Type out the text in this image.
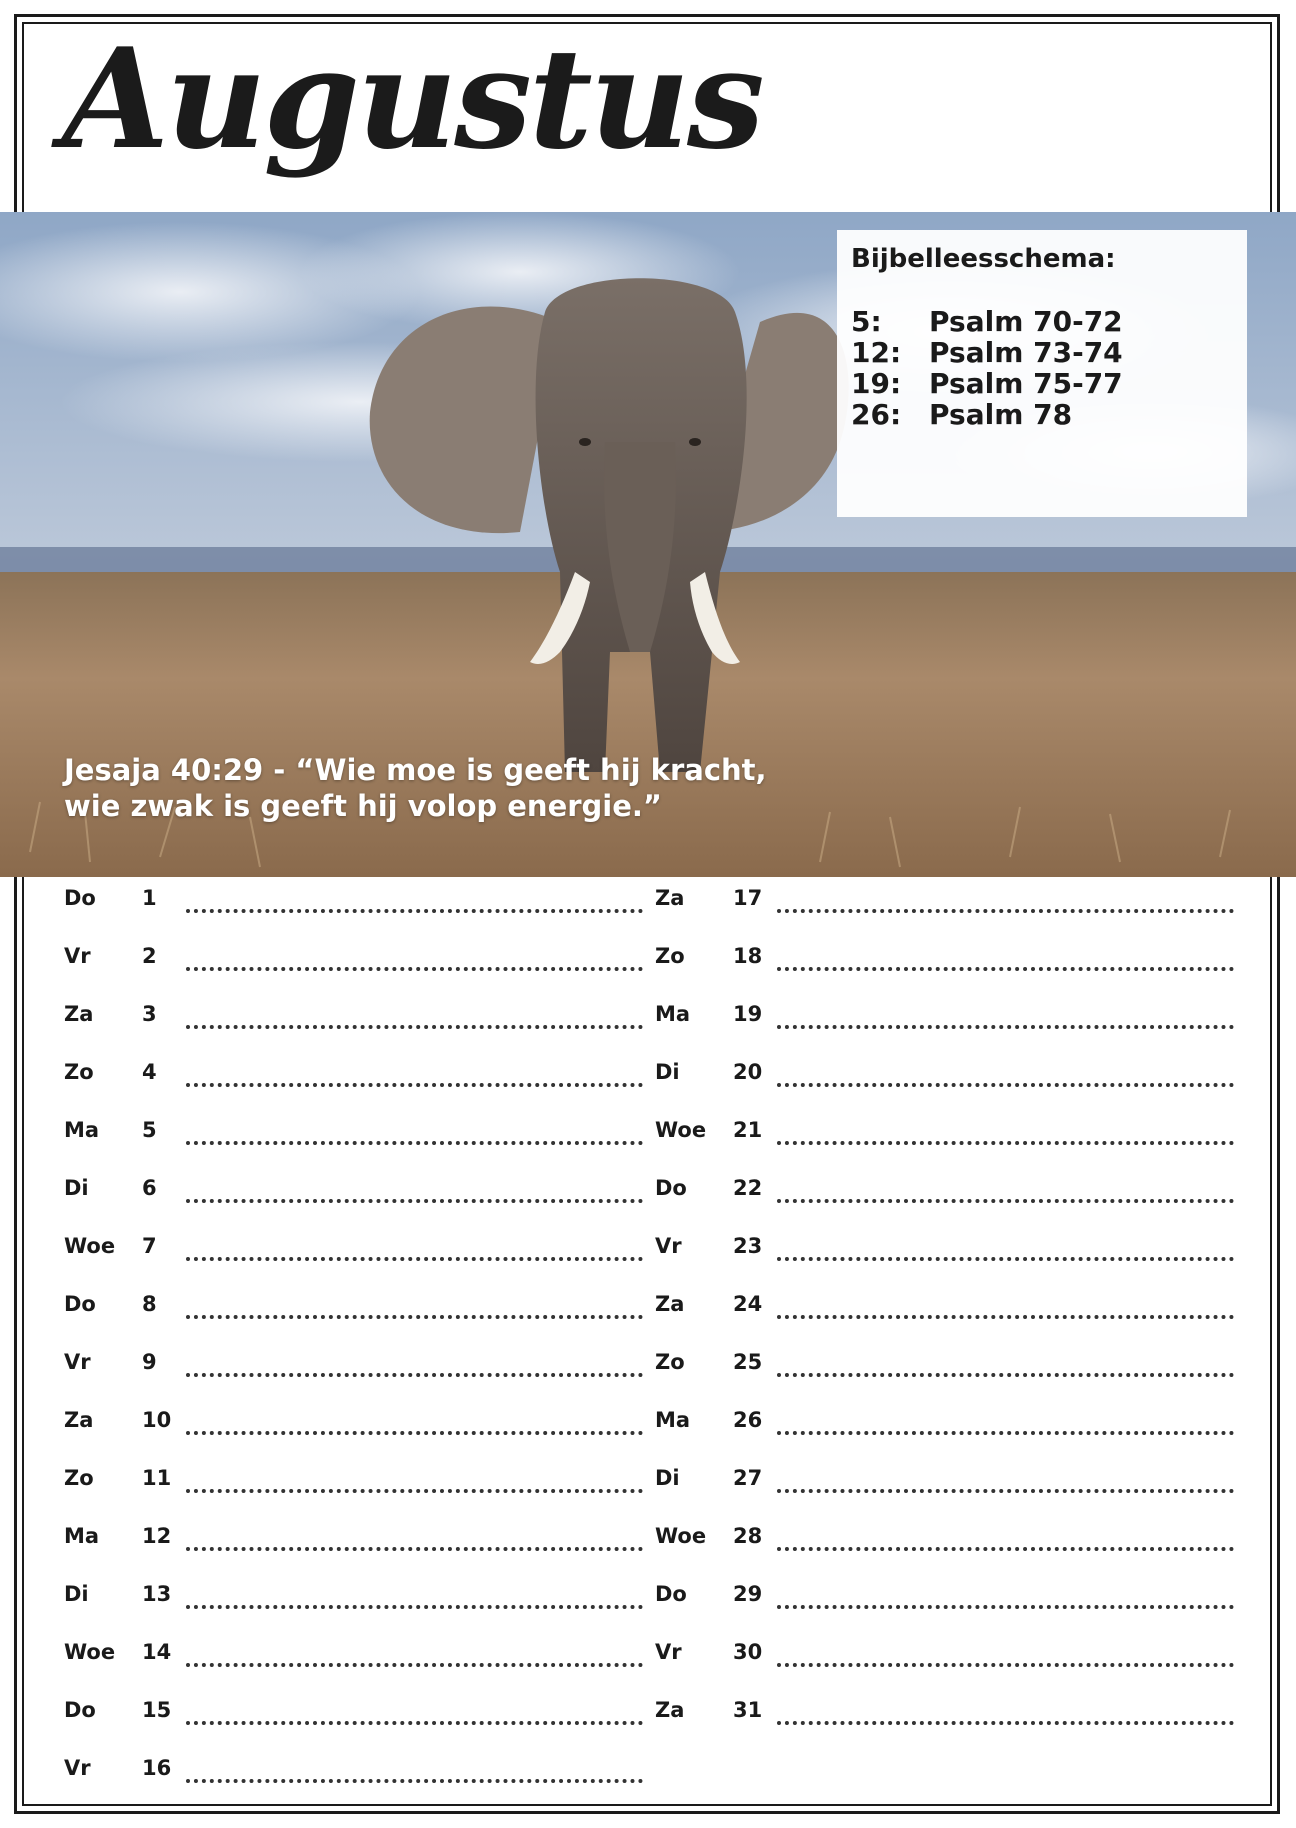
Augustus
Bijbelleesschema:
5:	Psalm 70-72
12: Psalm 73-74
19: Psalm 75-77
26: Psalm 78
Jesaja 40:29 - “Wie moe is geeft hij kracht,
wie zwak is geeft hij volop energie.”
Do 1
Vr 2
Za 3
Zo 4
Ma 5
Di	6
Woe 7
Do 8
Vr 9
Za 10
Zo 11
Ma 12
Di	13
Woe 14
Do 15
Vr 16
Za 17
Zo 18
Ma 19
Di	20
Woe 21
Do 22
Vr 23
Za 24
Zo 25
Ma 26
Di	27
Woe 28
Do 29
Vr 30
Za 31
